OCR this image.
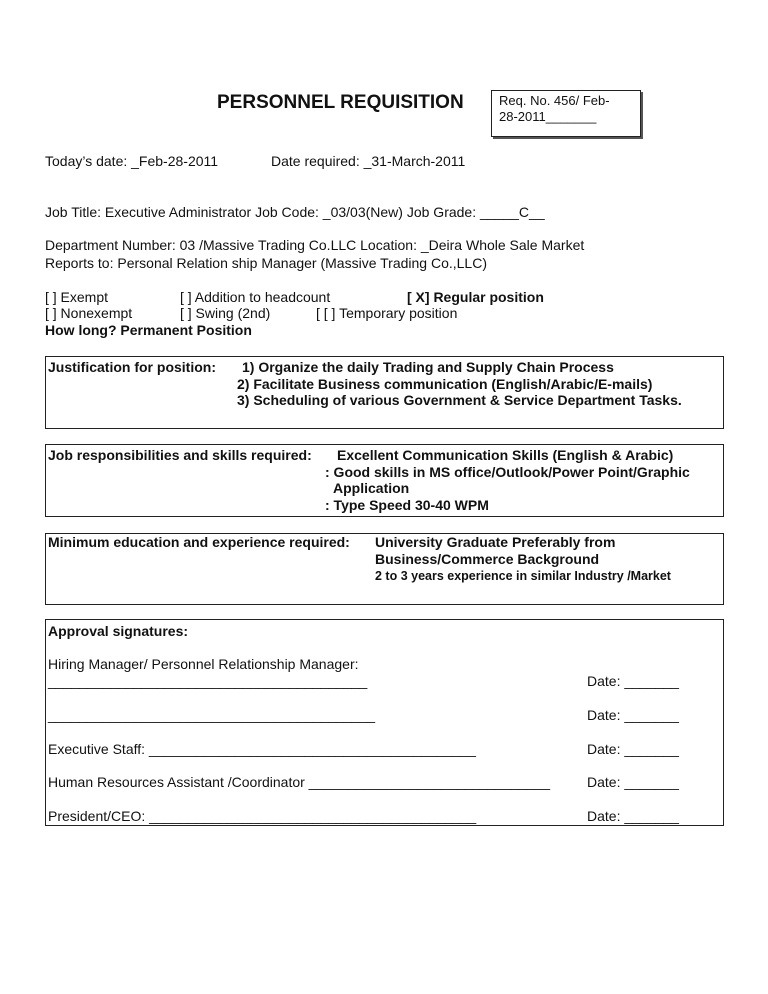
PERSONNEL REQUISITION	Req. No. 456/ Feb-
28-2011_______
Today’s date: _Feb-28-2011	Date required: _31-March-2011
Job Title: Executive Administrator Job Code: _03/03(New) Job Grade: _____C__
Department Number: 03 /Massive Trading Co.LLC Location: _Deira Whole Sale Market
Reports to: Personal Relation ship Manager (Massive Trading Co.,LLC)
[ ] Exempt	[ ] Addition to headcount	[ X] Regular position
[ ] Nonexempt	[ ] Swing (2nd)	[ [ ] Temporary position
How long? Permanent Position
Justification for position: 1) Organize the daily Trading and Supply Chain Process
2) Facilitate Business communication (English/Arabic/E-mails)
3) Scheduling of various Government & Service Department Tasks.
Job responsibilities and skills required: Excellent Communication Skills (English & Arabic)
: Good skills in MS office/Outlook/Power Point/Graphic
Application
: Type Speed 30-40 WPM
Minimum education and experience required: University Graduate Preferably from
Business/Commerce Background
2 to 3 years experience in similar Industry /Market
Approval signatures:
Hiring Manager/ Personnel Relationship Manager:
_________________________________________	Date: _______
__________________________________________	Date: _______
Executive Staff: __________________________________________	Date: _______
Human Resources Assistant /Coordinator _______________________________	Date: _______
President/CEO: __________________________________________	Date: _______
